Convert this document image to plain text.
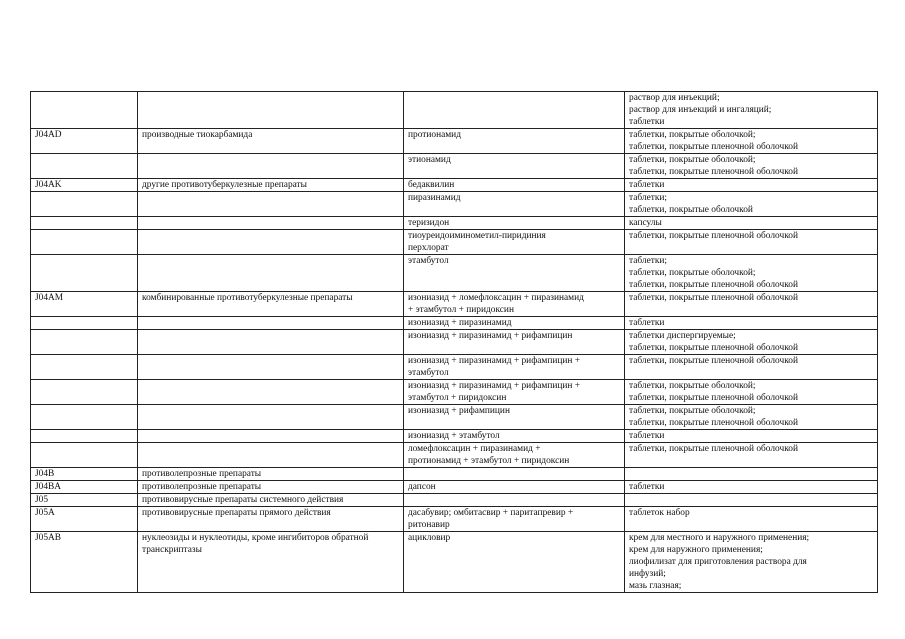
			раствор для инъекций;
раствор для инъекций и ингаляций;
таблетки

J04AD	производные тиокарбамида	протионамид	таблетки, покрытые оболочкой;
таблетки, покрытые пленочной оболочкой

		этионамид	таблетки, покрытые оболочкой;
таблетки, покрытые пленочной оболочкой

J04AK	другие противотуберкулезные препараты	бедаквилин	таблетки

		пиразинамид	таблетки;
таблетки, покрытые оболочкой

		теризидон	капсулы

		тиоуреидоиминометил-пиридиния
перхлорат	таблетки, покрытые пленочной оболочкой

		этамбутол	таблетки;
таблетки, покрытые оболочкой;
таблетки, покрытые пленочной оболочкой

J04AM	комбинированные противотуберкулезные препараты	изониазид + ломефлоксацин + пиразинамид
+ этамбутол + пиридоксин	таблетки, покрытые пленочной оболочкой

		изониазид + пиразинамид	таблетки

		изониазид + пиразинамид + рифампицин	таблетки диспергируемые;
таблетки, покрытые пленочной оболочкой

		изониазид + пиразинамид + рифампицин +
этамбутол	таблетки, покрытые пленочной оболочкой

		изониазид + пиразинамид + рифампицин +
этамбутол + пиридоксин	таблетки, покрытые оболочкой;
таблетки, покрытые пленочной оболочкой

		изониазид + рифампицин	таблетки, покрытые оболочкой;
таблетки, покрытые пленочной оболочкой

		изониазид + этамбутол	таблетки

		ломефлоксацин + пиразинамид +
протионамид + этамбутол + пиридоксин	таблетки, покрытые пленочной оболочкой

J04B	противолепрозные препараты		

J04BA	противолепрозные препараты	дапсон	таблетки

J05	противовирусные препараты системного действия		

J05A	противовирусные препараты прямого действия	дасабувир; омбитасвир + паритапревир +
ритонавир	таблеток набор

J05AB	нуклеозиды и нуклеотиды, кроме ингибиторов обратной транскриптазы	ацикловир	крем для местного и наружного применения;
крем для наружного применения;
лиофилизат для приготовления раствора для
инфузий;
мазь глазная;
